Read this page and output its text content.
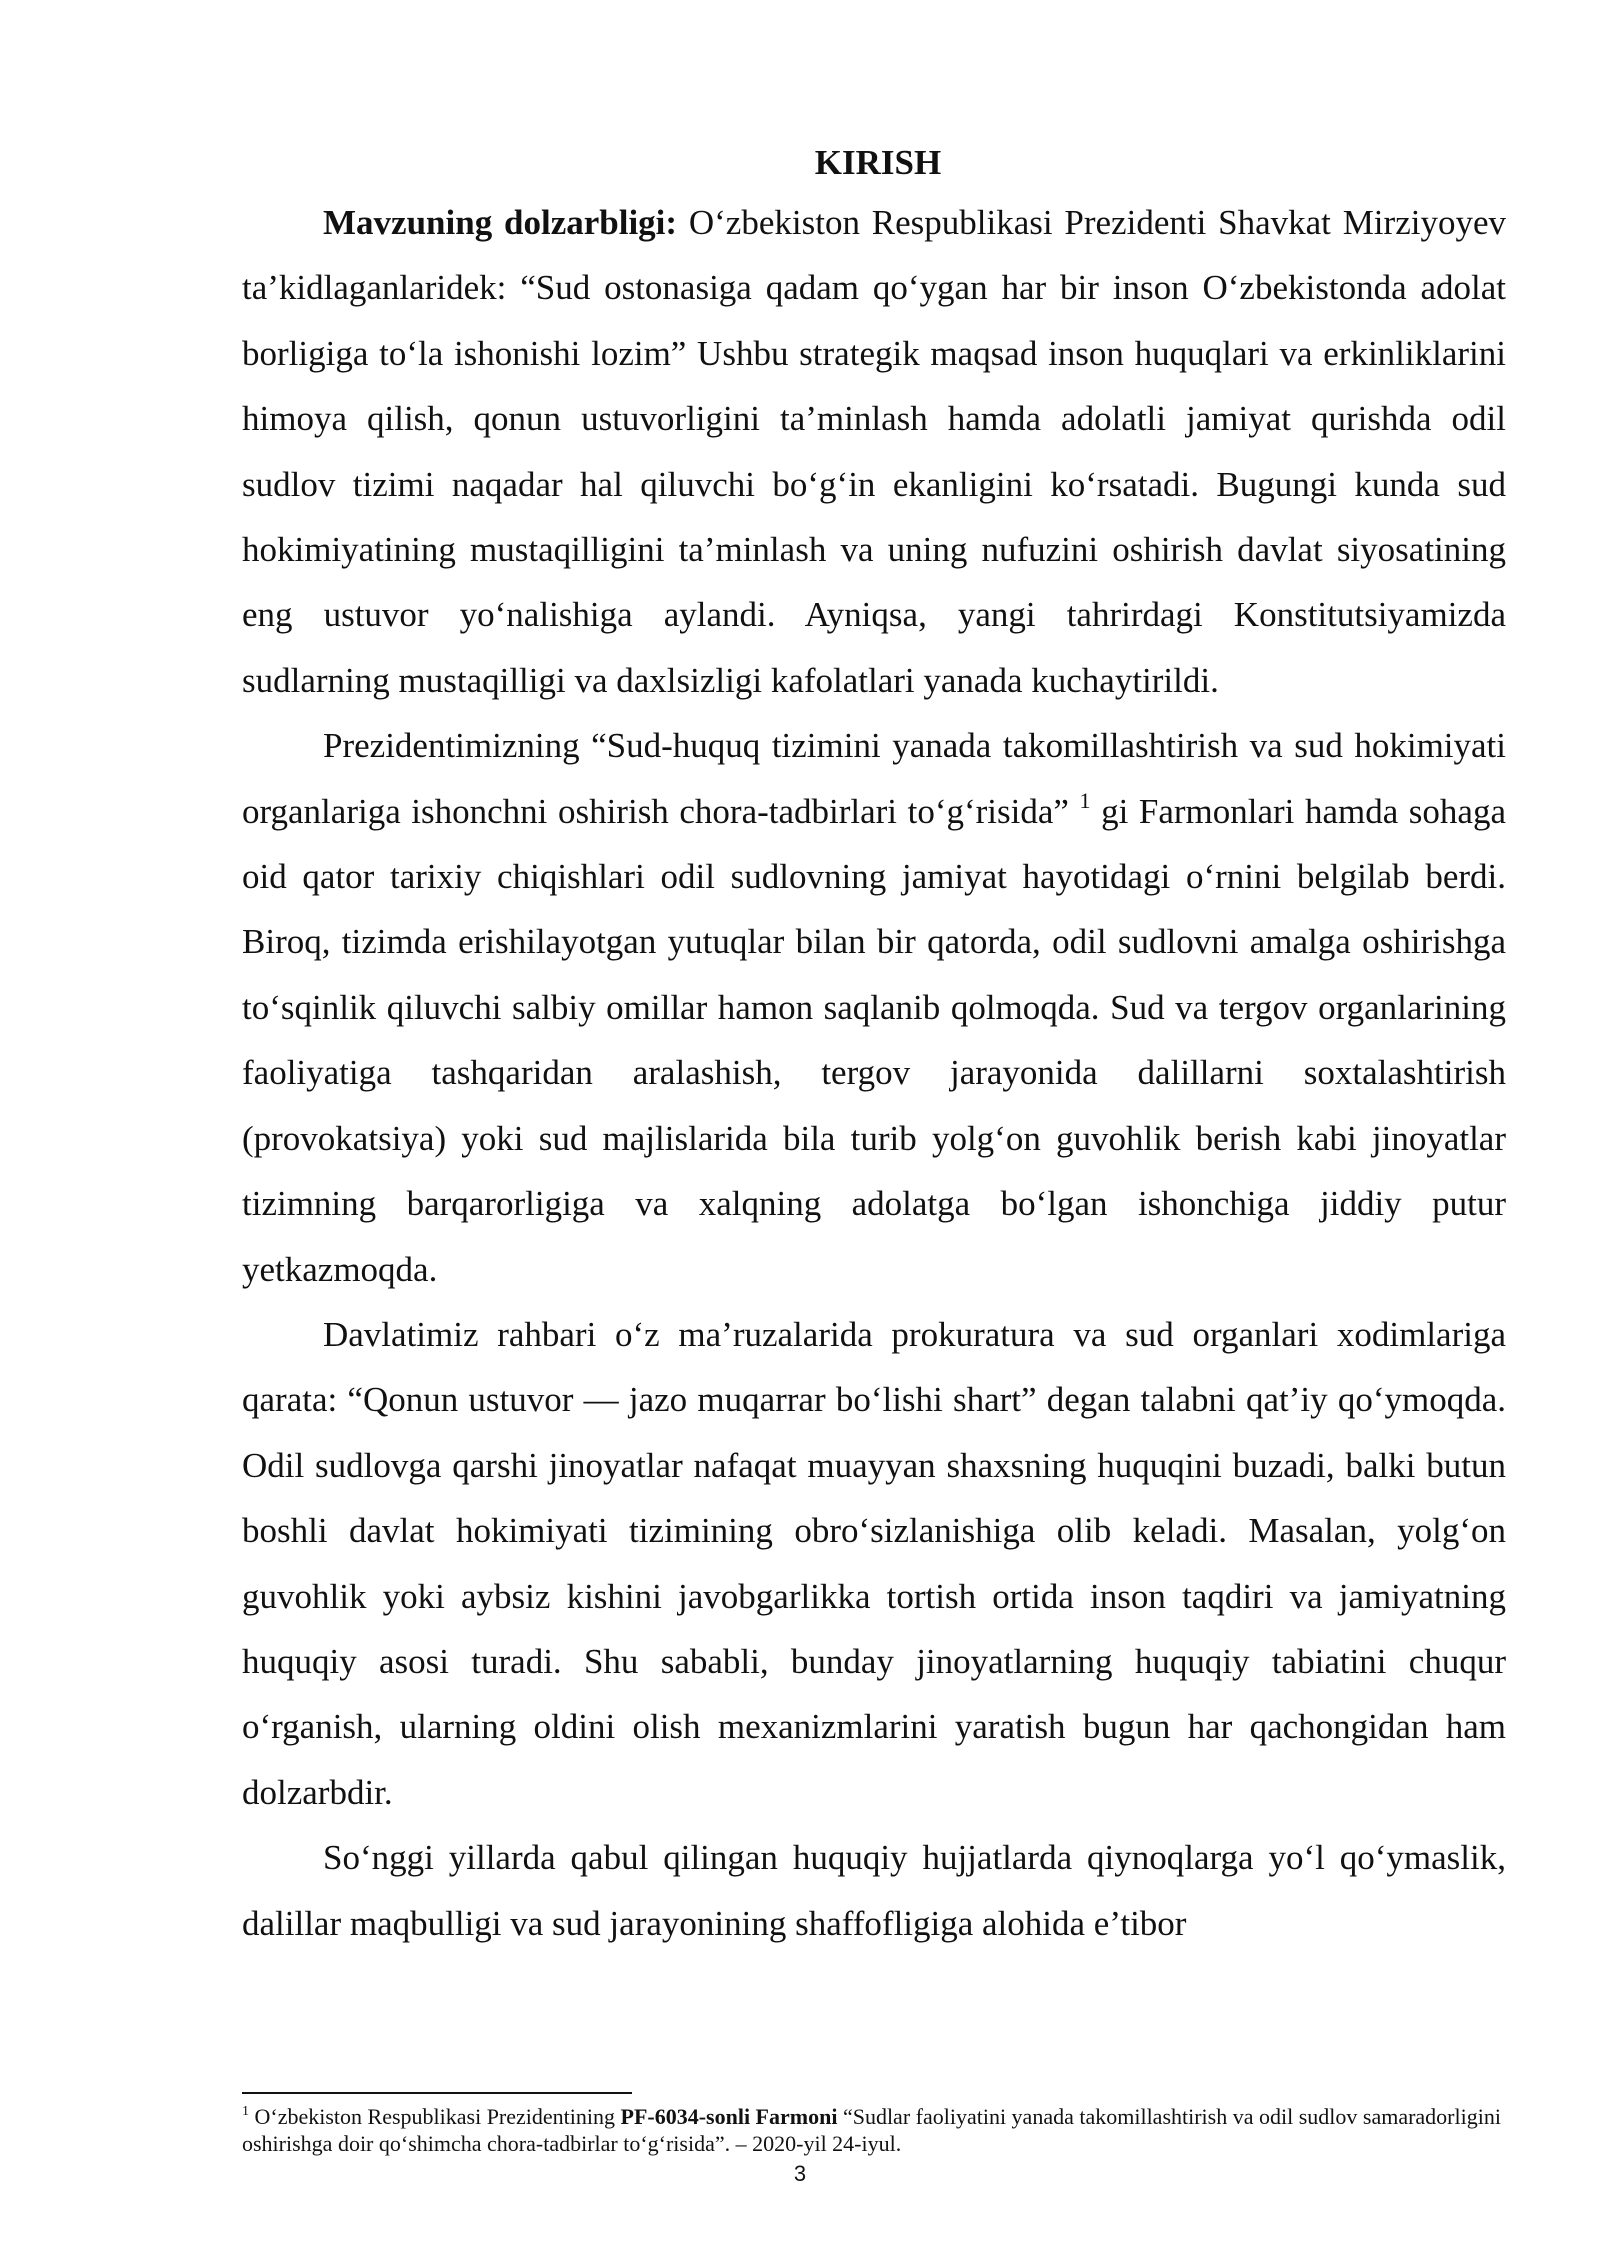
KIRISH

Mavzuning dolzarbligi: O‘zbekiston Respublikasi Prezidenti Shavkat Mirziyoyev ta’kidlaganlaridek: “Sud ostonasiga qadam qo‘ygan har bir inson O‘zbekistonda adolat borligiga to‘la ishonishi lozim” Ushbu strategik maqsad inson huquqlari va erkinliklarini himoya qilish, qonun ustuvorligini ta’minlash hamda adolatli jamiyat qurishda odil sudlov tizimi naqadar hal qiluvchi bo‘g‘in ekanligini ko‘rsatadi. Bugungi kunda sud hokimiyatining mustaqilligini ta’minlash va uning nufuzini oshirish davlat siyosatining eng ustuvor yo‘nalishiga aylandi. Ayniqsa, yangi tahrirdagi Konstitutsiyamizda sudlarning mustaqilligi va daxlsizligi kafolatlari yanada kuchaytirildi.

Prezidentimizning “Sud-huquq tizimini yanada takomillashtirish va sud hokimiyati organlariga ishonchni oshirish chora-tadbirlari to‘g‘risida” $^1$ gi Farmonlari hamda sohaga oid qator tarixiy chiqishlari odil sudlovning jamiyat hayotidagi o‘rnini belgilab berdi. Biroq, tizimda erishilayotgan yutuqlar bilan bir qatorda, odil sudlovni amalga oshirishga to‘sqinlik qiluvchi salbiy omillar hamon saqlanib qolmoqda. Sud va tergov organlarining faoliyatiga tashqaridan aralashish, tergov jarayonida dalillarni soxtalashtirish (provokatsiya) yoki sud majlislarida bila turib yolg‘on guvohlik berish kabi jinoyatlar tizimning barqarorligiga va xalqning adolatga bo‘lgan ishonchiga jiddiy putur yetkazmoqda.

Davlatimiz rahbari o‘z ma’ruzalarida prokuratura va sud organlari xodimlariga qarata: “Qonun ustuvor — jazo muqarrar bo‘lishi shart” degan talabni qat’iy qo‘ymoqda. Odil sudlovga qarshi jinoyatlar nafaqat muayyan shaxsning huquqini buzadi, balki butun boshli davlat hokimiyati tizimining obro‘sizlanishiga olib keladi. Masalan, yolg‘on guvohlik yoki aybsiz kishini javobgarlikka tortish ortida inson taqdiri va jamiyatning huquqiy asosi turadi. Shu sababli, bunday jinoyatlarning huquqiy tabiatini chuqur o‘rganish, ularning oldini olish mexanizmlarini yaratish bugun har qachongidan ham dolzarbdir.

So‘nggi yillarda qabul qilingan huquqiy hujjatlarda qiynoqlarga yo‘l qo‘ymaslik, dalillar maqbulligi va sud jarayonining shaffofligiga alohida e’tibor

$^1$ O‘zbekiston Respublikasi Prezidentining PF-6034-sonli Farmoni “Sudlar faoliyatini yanada takomillashtirish va odil sudlov samaradorligini oshirishga doir qo‘shimcha chora-tadbirlar to‘g‘risida”. – 2020-yil 24-iyul.

3
